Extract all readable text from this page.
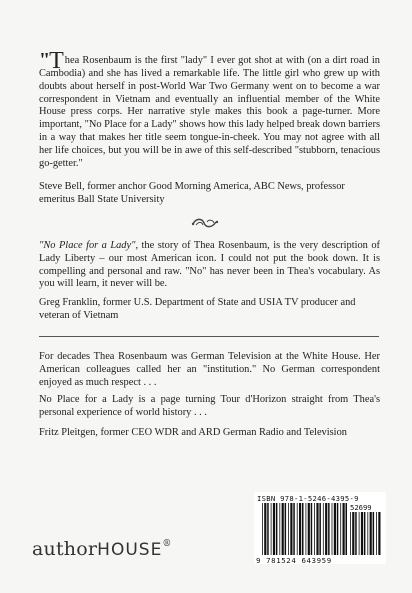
"Thea Rosenbaum is the first "lady" I ever got shot at with (on a dirt road in Cambodia) and she has lived a remarkable life. The little girl who grew up with doubts about herself in post-World War Two Germany went on to become a war correspondent in Vietnam and eventually an influential member of the White House press corps. Her narrative style makes this book a page-turner. More important, "No Place for a Lady" shows how this lady helped break down barriers in a way that makes her title seem tongue-in-cheek. You may not agree with all her life choices, but you will be in awe of this self-described "stubborn, tenacious go-getter."
Steve Bell, former anchor Good Morning America, ABC News, professor emeritus Ball State University
"No Place for a Lady", the story of Thea Rosenbaum, is the very description of Lady Liberty – our most American icon. I could not put the book down. It is compelling and personal and raw. "No" has never been in Thea's vocabulary. As you will learn, it never will be.
Greg Franklin, former U.S. Department of State and USIA TV producer and veteran of Vietnam
For decades Thea Rosenbaum was German Television at the White House. Her American colleagues called her an "institution." No German correspondent enjoyed as much respect . . .
No Place for a Lady is a page turning Tour d'Horizon straight from Thea's personal experience of world history . . .
Fritz Pleitgen, former CEO WDR and ARD German Radio and Television
authorHOUSE®
ISBN 978-1-5246-4395-9
52699
9 781524 643959
